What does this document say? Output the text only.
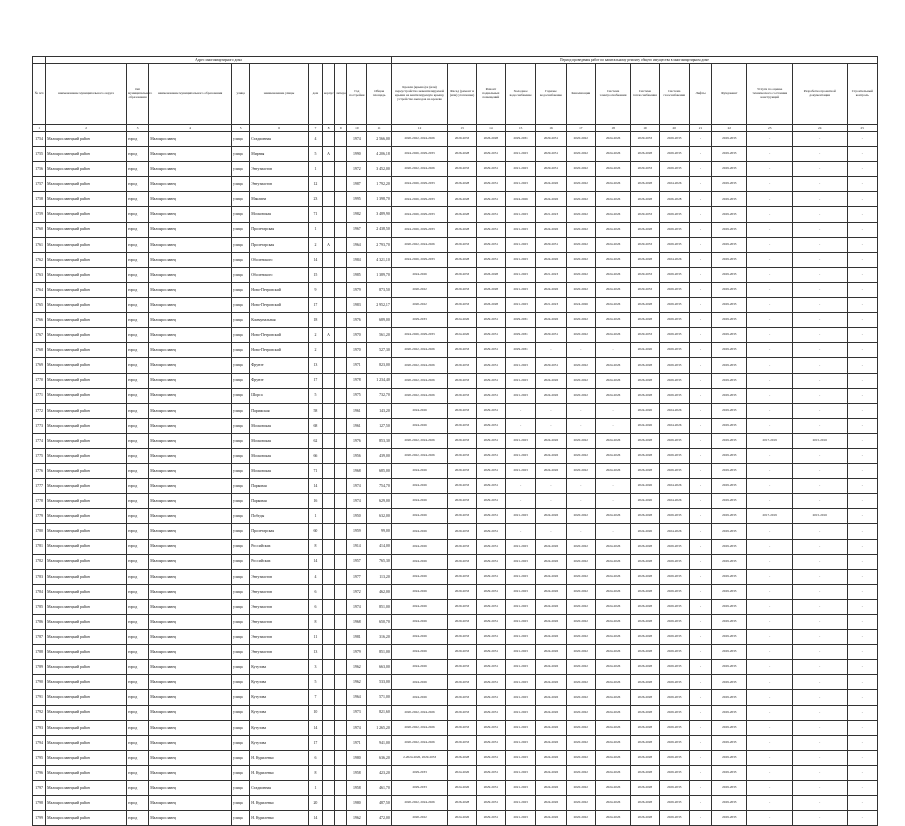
	Адрес многоквартирного дома										Период проведения работ по капитальному ремонту общего имущества в многоквартирном доме													
№ п/п	наименование муниципального округа	тип муниципального образования	наименование муниципального образования	улица	наименование улицы	дом	корпус	литера	Год постройки	Общая площадь	Кровля (крыша) и (или) переустройство невентилируемой крыши на вентилируемую крышу, устройство выходов на кровлю	Фасад (ремонт и (или) утепление)	Ремонт подвальных помещений	Холодное водоснабжение	Горячее водоснабжение	Канализация	Система электроснабжения	Система теплоснабжения	Система газоснабжения	Лифты	Фундамент	Услуги по оценке технического состояния конструкций	Разработка проектной документации	Строительный контроль
1	2	3	4	5	6	7	8	9	10	11	12	13	14	15	16	17	18	19	20	21	22	23	24	25
1754	Малоярославецкий район	город	Малоярославец	улица	Стадионная	4			1974	2 566,00	2020-2022, 2024-2026	2029-2033	2026-2028	2029-2031	2029-2031	2020-2022	2024-2026	2029-2033	2029-2033	-	2029-2033	-	-	-
1755	Малоярославецкий район	город	Малоярославец	улица	Мирная	5	А		1990	4 206,18	2024-2026, 2029-2033	2026-2028	2029-2031	2021-2023	2029-2031	2020-2022	2024-2026	2026-2028	2029-2033	-	2029-2033	-	-	-
1756	Малоярославецкий район	город	Малоярославец	улица	Энтузиастов	1			1972	3 452,00	2020-2022, 2024-2026	2029-2033	2029-2031	2021-2023	2029-2031	2020-2022	2024-2026	2029-2033	2029-2033	-	2029-2033	-	-	-
1757	Малоярославецкий район	город	Малоярославец	улица	Энтузиастов	12			1987	1 792,20	2024-2026, 2029-2033	2026-2028	2029-2031	2021-2023	2024-2026	2020-2022	2024-2026	2026-2028	2024-2026	-	2029-2033	-	-	-
1758	Малоярославецкий район	город	Малоярославец	улица	Маклина	23			1995	1 398,70	2024-2026, 2029-2033	2026-2028	2029-2031	2024-2026	2024-2026	2020-2022	2024-2026	2026-2028	2026-2028	-	2029-2033	-	-	-
1759	Малоярославецкий район	город	Малоярославец	улица	Московская	71			1982	3 489,90	2024-2026, 2029-2033	2026-2028	2029-2031	2021-2023	2021-2023	2020-2022	2024-2026	2029-2033	2029-2033	-	2029-2033	-	-	-
1760	Малоярославецкий район	город	Малоярославец	улица	Пролетарская	1			1967	2 438,50	2024-2026, 2029-2033	2026-2028	2029-2031	2021-2023	2024-2026	2020-2022	2024-2026	2026-2028	2029-2033	-	2029-2033	-	-	-
1761	Малоярославецкий район	город	Малоярославец	улица	Пролетарская	2	А		1964	2 793,70	2020-2022, 2024-2026	2029-2033	2029-2031	2021-2023	2029-2031	2020-2022	2024-2026	2029-2033	2029-2033	-	2029-2033	-	-	-
1762	Малоярославецкий район	город	Малоярославец	улица	Оболенского	14			1984	4 321,10	2024-2026, 2029-2033	2026-2028	2029-2031	2021-2023	2024-2026	2020-2022	2024-2026	2026-2028	2024-2026	-	2029-2033	-	-	-
1763	Малоярославецкий район	город	Малоярославец	улица	Оболенского	15			1985	1 389,70	2024-2026	2029-2033	2026-2028	2021-2023	2021-2023	2020-2022	2024-2026	2029-2033	2029-2033	-	2029-2033	-	-	-
1764	Малоярославецкий район	город	Малоярославец	улица	Ново-Петровский	9			1979	873,50	2020-2022	2029-2033	2026-2028	2021-2023	2024-2026	2020-2022	2024-2026	2029-2033	2029-2033	-	2029-2033	-	-	-
1765	Малоярославецкий район	город	Малоярославец	улица	Ново-Петровский	17			1983	2 952,17	2020-2022	2029-2033	2026-2028	2021-2023	2021-2023	2024-2026	2024-2026	2026-2028	2029-2033	-	2029-2033	-	-	-
1766	Малоярославецкий район	город	Малоярославец	улица	Коммунальная	18			1976	689,00	2029-2033	2024-2026	2029-2031	2029-2031	2024-2026	2020-2022	2024-2026	2026-2028	2029-2033	-	2029-2033	-	-	-
1767	Малоярославецкий район	город	Малоярославец	улица	Ново-Петровский	2	А		1970	561,20	2024-2026, 2029-2033	2024-2026	2029-2031	2029-2031	2029-2031	2020-2022	2024-2026	2029-2033	2029-2033	-	2029-2033	-	-	-
1768	Малоярославецкий район	город	Малоярославец	улица	Ново-Петровский	2			1970	527,30	2020-2022, 2024-2026	2029-2033	2029-2031	2029-2031	-	-	-	2024-2026	2029-2033	-	2029-2033	-	-	-
1769	Малоярославецкий район	город	Малоярославец	улица	Фрунзе	13			1971	823,00	2020-2022, 2024-2026	2029-2033	2029-2031	2021-2023	2029-2031	2020-2022	2024-2026	2026-2028	2029-2033	-	2029-2033	-	-	-
1770	Малоярославецкий район	город	Малоярославец	улица	Фрунзе	17			1978	1 234,40	2020-2022, 2024-2026	2029-2033	2029-2031	2021-2023	2024-2026	2020-2022	2024-2026	2026-2028	2029-2033	-	2029-2033	-	-	-
1771	Малоярославецкий район	город	Малоярославец	улица	Шорса	5			1975	732,70	2020-2022, 2024-2026	2029-2033	2029-2031	2021-2023	2024-2026	2020-2022	2024-2026	2026-2028	2029-2033	-	2029-2033	-	-	-
1772	Малоярославецкий район	город	Малоярославец	улица	Парижская	58			1961	143,20	2024-2026	2029-2033	2029-2031	-	-	-	-	2024-2026	2024-2026	-	2029-2033	-	-	-
1773	Малоярославецкий район	город	Малоярославец	улица	Московская	68			1961	127,50	2024-2026	2029-2033	2029-2031	-	-	-	-	2024-2026	2024-2026	-	2029-2033	-	-	-
1774	Малоярославецкий район	город	Малоярославец	улица	Московская	62			1976	853,30	2020-2022, 2024-2026	2029-2033	2029-2031	2021-2023	2024-2026	2020-2022	2024-2026	2026-2028	2029-2033	-	2029-2033	2017-2019	2015-2016	-
1775	Малоярославецкий район	город	Малоярославец	улица	Московская	66			1956	439,00	2020-2022, 2024-2026	2029-2033	2029-2031	2021-2023	2024-2026	2020-2022	2024-2026	2026-2028	2029-2033	-	2029-2033	-	-	-
1776	Малоярославецкий район	город	Малоярославец	улица	Московская	71			1968	685,00	2024-2026	2029-2033	2029-2031	2021-2023	2024-2026	2020-2022	2024-2026	2026-2028	2029-2033	-	2029-2033	-	-	-
1777	Малоярославецкий район	город	Малоярославец	улица	Парковая	14			1974	754,70	2024-2026	2029-2033	2029-2031	-	-	-	-	2024-2026	2024-2026	-	2029-2033	-	-	-
1778	Малоярославецкий район	город	Малоярославец	улица	Парковая	16			1974	629,00	2024-2026	2029-2033	2029-2031	-	-	-	-	2024-2026	2024-2026	-	2029-2033	-	-	-
1779	Малоярославецкий район	город	Малоярославец	улица	Победы	1			1950	632,00	2024-2026	2029-2033	2029-2031	2021-2023	2024-2026	2020-2022	2024-2026	2026-2028	2029-2033	-	2029-2033	2017-2019	2015-2016	-
1780	Малоярославецкий район	город	Малоярославец	улица	Пролетарская	60			1959	99,00	2024-2026	2029-2033	2029-2031	-	-	-	-	2024-2026	2024-2026	-	2029-2033	-	-	-
1781	Малоярославецкий район	город	Малоярославец	улица	Российских	8			1914	414,00	2024-2026	2029-2033	2029-2031	2021-2023	2024-2026	2020-2022	2024-2026	2026-2028	2029-2033	-	2029-2033	-	-	-
1782	Малоярославецкий район	город	Малоярославец	улица	Российских	14			1957	765,30	2024-2026	2029-2033	2029-2031	2021-2023	2024-2026	2020-2022	2024-2026	2026-2028	2029-2033	-	2029-2033	-	-	-
1783	Малоярославецкий район	город	Малоярославец	улица	Энтузиастов	4			1977	113,20	2024-2026	2029-2033	2029-2031	2021-2023	2024-2026	2020-2022	2024-2026	2026-2028	2029-2033	-	2029-2033	-	-	-
1784	Малоярославецкий район	город	Малоярославец	улица	Энтузиастов	6			1972	462,00	2024-2026	2029-2033	2029-2031	2021-2023	2024-2026	2020-2022	2024-2026	2026-2028	2029-2033	-	2029-2033	-	-	-
1785	Малоярославецкий район	город	Малоярославец	улица	Энтузиастов	6			1974	851,00	2024-2026	2029-2033	2029-2031	2021-2023	2024-2026	2020-2022	2024-2026	2026-2028	2029-2033	-	2029-2033	-	-	-
1786	Малоярославецкий район	город	Малоярославец	улица	Энтузиастов	8			1968	650,70	2024-2026	2029-2033	2029-2031	2021-2023	2024-2026	2020-2022	2024-2026	2026-2028	2029-2033	-	2029-2033	-	-	-
1787	Малоярославецкий район	город	Малоярославец	улица	Энтузиастов	11			1981	316,20	2024-2026	2029-2033	2029-2031	2021-2023	2024-2026	2020-2022	2024-2026	2026-2028	2029-2033	-	2029-2033	-	-	-
1788	Малоярославецкий район	город	Малоярославец	улица	Энтузиастов	13			1979	851,00	2024-2026	2029-2033	2029-2031	2021-2023	2024-2026	2020-2022	2024-2026	2026-2028	2029-2033	-	2029-2033	-	-	-
1789	Малоярославецкий район	город	Малоярославец	улица	Кутузова	3			1962	663,00	2024-2026	2029-2033	2029-2031	2021-2023	2024-2026	2020-2022	2024-2026	2026-2028	2029-2033	-	2029-2033	-	-	-
1790	Малоярославецкий район	город	Малоярославец	улица	Кутузова	5			1962	533,00	2024-2026	2029-2033	2029-2031	2021-2023	2024-2026	2020-2022	2024-2026	2026-2028	2029-2033	-	2029-2033	-	-	-
1791	Малоярославецкий район	город	Малоярославец	улица	Кутузова	7			1964	571,00	2024-2026	2029-2033	2029-2031	2021-2023	2024-2026	2020-2022	2024-2026	2026-2028	2029-2033	-	2029-2033	-	-	-
1792	Малоярославецкий район	город	Малоярославец	улица	Кутузова	10			1973	821,60	2020-2022, 2024-2026	2029-2033	2029-2031	2021-2023	2024-2026	2020-2022	2024-2026	2026-2028	2029-2033	-	2029-2033	-	-	-
1793	Малоярославецкий район	город	Малоярославец	улица	Кутузова	14			1974	1 265,20	2020-2022, 2024-2026	2029-2033	2029-2031	2021-2023	2024-2026	2020-2022	2024-2026	2026-2028	2029-2033	-	2029-2033	-	-	-
1794	Малоярославецкий район	город	Малоярославец	улица	Кутузова	17			1971	941,00	2020-2022, 2024-2026	2029-2033	2029-2031	2021-2023	2024-2026	2020-2022	2024-2026	2026-2028	2029-2033	-	2029-2033	-	-	-
1795	Малоярославецкий район	город	Малоярославец	улица	Н. Куриленко	6			1980	636,20	2-2024-2026, 2029-2033	2026-2028	2029-2031	2021-2023	2024-2026	2020-2022	2024-2026	2026-2028	2029-2033	-	2029-2033	-	-	-
1796	Малоярославецкий район	город	Малоярославец	улица	Н. Куриленко	8			1958	423,20	2029-2033	2024-2026	2029-2031	2021-2023	2024-2026	2020-2022	2024-2026	2026-2028	2029-2033	-	2029-2033	-	-	-
1797	Малоярославецкий район	город	Малоярославец	улица	Стадионная	1			1958	461,70	2029-2033	2024-2026	2029-2031	2021-2023	2024-2026	2020-2022	2024-2026	2026-2028	2029-2033	-	2029-2033	-	-	-
1798	Малоярославецкий район	город	Малоярославец	улица	Н. Куриленко	20			1980	487,50	2020-2022, 2024-2026	2026-2028	2029-2031	2021-2023	2024-2026	2020-2022	2024-2026	2026-2028	2029-2033	-	2029-2033	-	-	-
1799	Малоярославецкий район	город	Малоярославец	улица	Н. Куриленко	14			1962	472,00	2020-2022	2024-2026	2029-2031	2021-2023	2024-2026	2020-2022	2024-2026	2026-2028	2029-2033	-	2029-2033	-	-	-
